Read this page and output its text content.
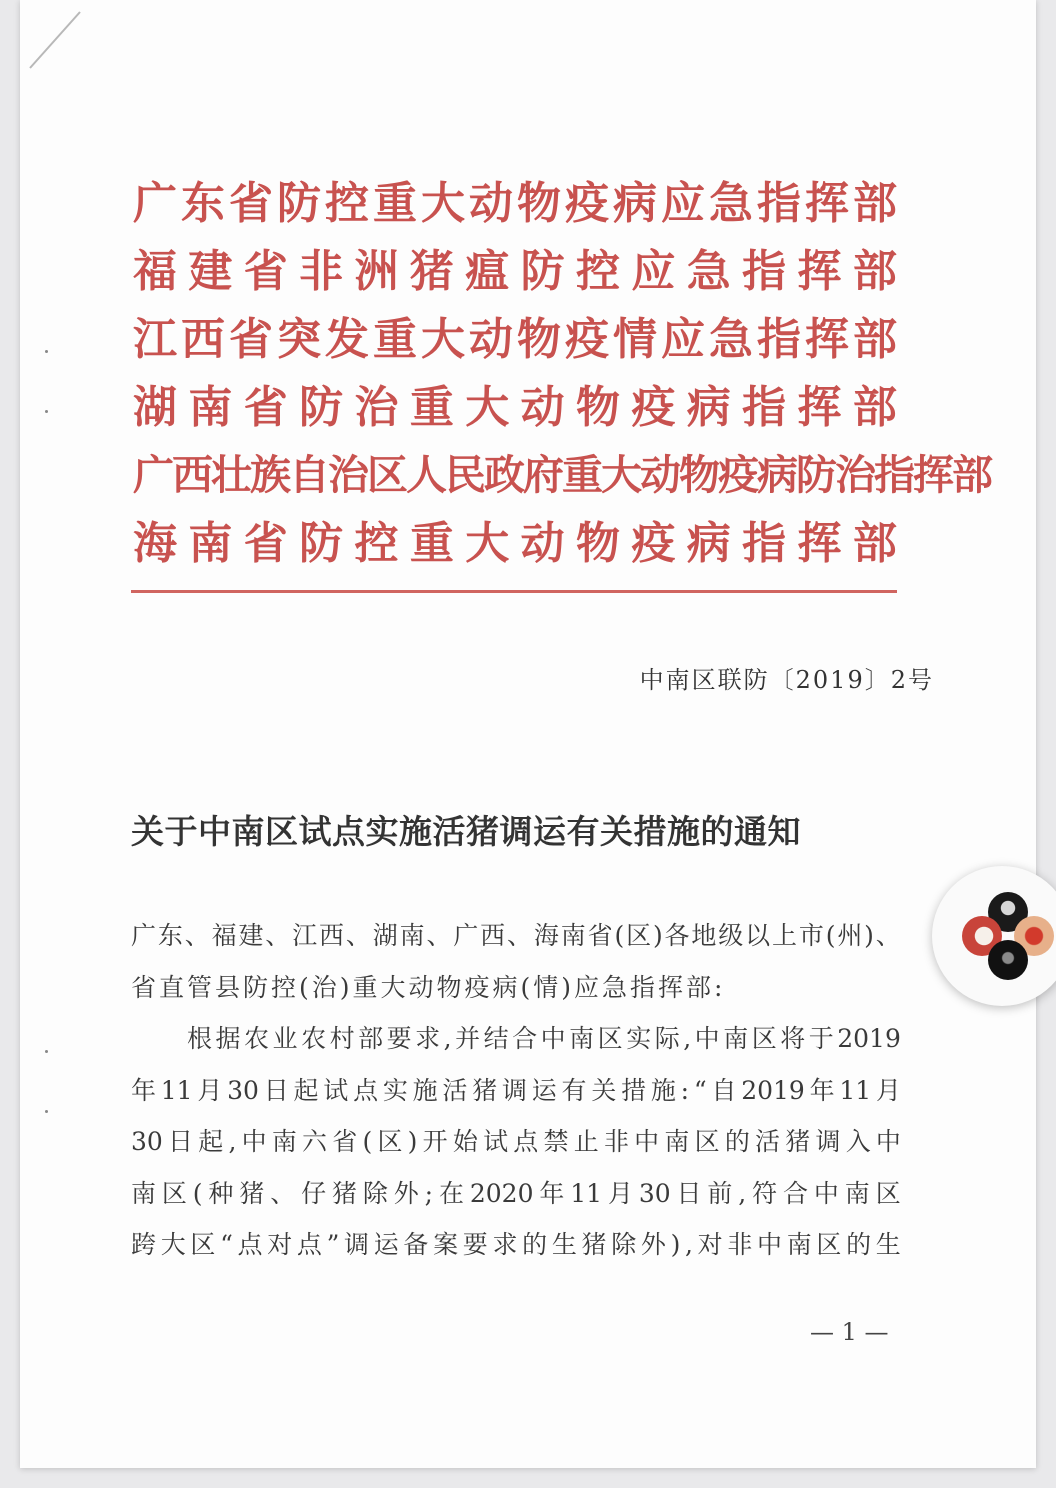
广 东 省 防 控 重 大 动 物 疫 病 应 急 指 挥 部
福 建 省 非 洲 猪 瘟 防 控 应 急 指 挥 部
江 西 省 突 发 重 大 动 物 疫 情 应 急 指 挥 部
湖 南 省 防 治 重 大 动 物 疫 病 指 挥 部
广 西 壮 族 自 治 区 人 民 政 府 重 大 动 物 疫 病 防 治 指 挥 部
海 南 省 防 控 重 大 动 物 疫 病 指 挥 部
中南区联防〔2019〕2号
关于中南区试点实施活猪调运有关措施的通知
广 东 、 福 建 、 江 西 、 湖 南 、 广 西 、 海 南 省 ( 区 ) 各 地 级 以 上 市 ( 州 ) 、
省直管县防控(治)重大动物疫病(情)应急指挥部:
根 据 农 业 农 村 部 要 求 , 并 结 合 中 南 区 实 际 , 中 南 区 将 于 2019
年 11 月 30 日 起 试 点 实 施 活 猪 调 运 有 关 措 施 : “ 自 2019 年 11 月
30 日 起 , 中 南 六 省 ( 区 ) 开 始 试 点 禁 止 非 中 南 区 的 活 猪 调 入 中
南 区 ( 种 猪 、 仔 猪 除 外 ; 在 2020 年 11 月 30 日 前 , 符 合 中 南 区
跨 大 区 “ 点 对 点 ” 调 运 备 案 要 求 的 生 猪 除 外 ) , 对 非 中 南 区 的 生
— 1 —
